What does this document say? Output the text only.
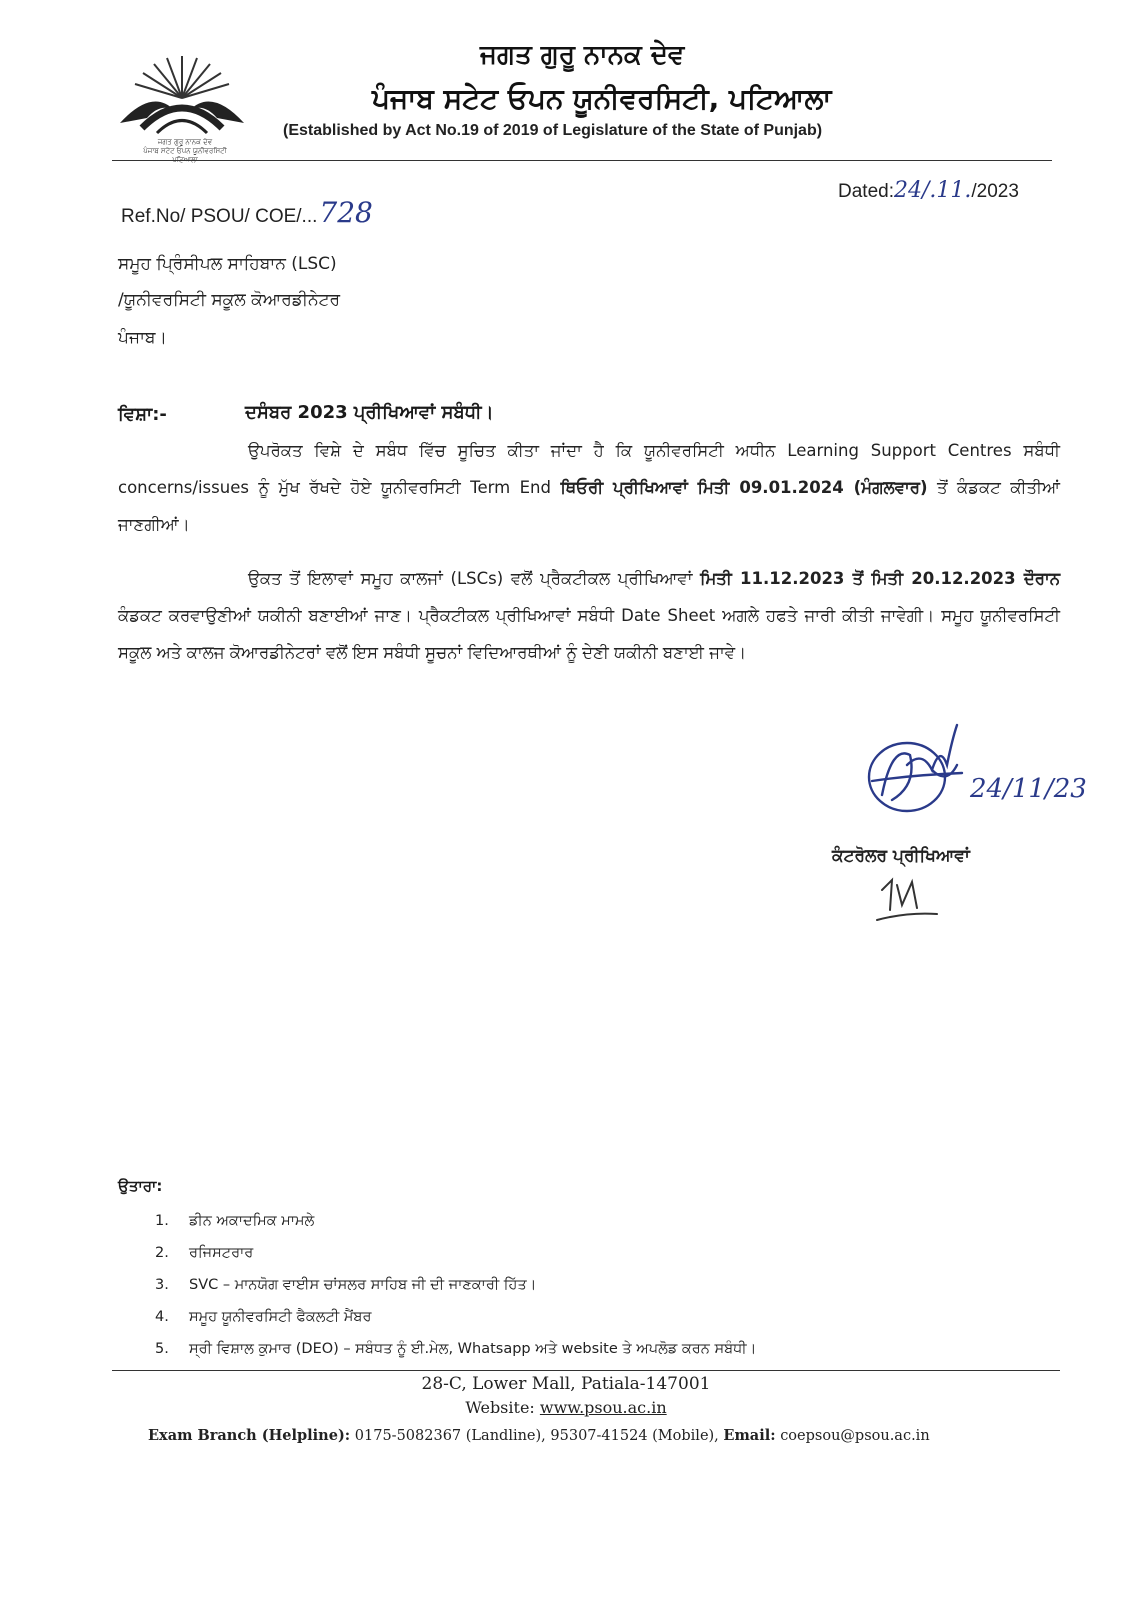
ਜਗਤ ਗੁਰੂ ਨਾਨਕ ਦੇਵ
ਪੰਜਾਬ ਸਟੇਟ ਓਪਨ ਯੂਨੀਵਰਸਿਟੀ
ਪਟਿਆਲਾ
ਜਗਤ ਗੁਰੂ ਨਾਨਕ ਦੇਵ
ਪੰਜਾਬ ਸਟੇਟ ਓਪਨ ਯੂਨੀਵਰਸਿਟੀ, ਪਟਿਆਲਾ
(Established by Act No.19 of 2019 of Legislature of the State of Punjab)
Ref.No/ PSOU/ COE/...728
Dated:24/.11./2023
ਸਮੂਹ ਪ੍ਰਿੰਸੀਪਲ ਸਾਹਿਬਾਨ (LSC)
/ਯੂਨੀਵਰਸਿਟੀ ਸਕੂਲ ਕੋਆਰਡੀਨੇਟਰ
ਪੰਜਾਬ।
ਵਿਸ਼ਾ:-	ਦਸੰਬਰ 2023 ਪ੍ਰੀਖਿਆਵਾਂ ਸਬੰਧੀ।
ਉਪਰੋਕਤ ਵਿਸ਼ੇ ਦੇ ਸਬੰਧ ਵਿੱਚ ਸੂਚਿਤ ਕੀਤਾ ਜਾਂਦਾ ਹੈ ਕਿ ਯੂਨੀਵਰਸਿਟੀ ਅਧੀਨ Learning Support Centres ਸਬੰਧੀ concerns/issues ਨੂੰ ਮੁੱਖ ਰੱਖਦੇ ਹੋਏ ਯੂਨੀਵਰਸਿਟੀ Term End ਥਿਓਰੀ ਪ੍ਰੀਖਿਆਵਾਂ ਮਿਤੀ 09.01.2024 (ਮੰਗਲਵਾਰ) ਤੋਂ ਕੰਡਕਟ ਕੀਤੀਆਂ ਜਾਣਗੀਆਂ।
ਉਕਤ ਤੋਂ ਇਲਾਵਾਂ ਸਮੂਹ ਕਾਲਜਾਂ (LSCs) ਵਲੋਂ ਪ੍ਰੈਕਟੀਕਲ ਪ੍ਰੀਖਿਆਵਾਂ ਮਿਤੀ 11.12.2023 ਤੋਂ ਮਿਤੀ 20.12.2023 ਦੌਰਾਨ ਕੰਡਕਟ ਕਰਵਾਉਣੀਆਂ ਯਕੀਨੀ ਬਣਾਈਆਂ ਜਾਣ। ਪ੍ਰੈਕਟੀਕਲ ਪ੍ਰੀਖਿਆਵਾਂ ਸਬੰਧੀ Date Sheet ਅਗਲੇ ਹਫਤੇ ਜਾਰੀ ਕੀਤੀ ਜਾਵੇਗੀ। ਸਮੂਹ ਯੂਨੀਵਰਸਿਟੀ ਸਕੂਲ ਅਤੇ ਕਾਲਜ ਕੋਆਰਡੀਨੇਟਰਾਂ ਵਲੋਂ ਇਸ ਸਬੰਧੀ ਸੂਚਨਾਂ ਵਿਦਿਆਰਥੀਆਂ ਨੂੰ ਦੇਣੀ ਯਕੀਨੀ ਬਣਾਈ ਜਾਵੇ।
24/11/23
ਕੰਟਰੋਲਰ ਪ੍ਰੀਖਿਆਵਾਂ
ਉਤਾਰਾ:
1. ਡੀਨ ਅਕਾਦਮਿਕ ਮਾਮਲੇ
2. ਰਜਿਸਟਰਾਰ
3. SVC – ਮਾਨਯੋਗ ਵਾਈਸ ਚਾਂਸਲਰ ਸਾਹਿਬ ਜੀ ਦੀ ਜਾਣਕਾਰੀ ਹਿੱਤ।
4. ਸਮੂਹ ਯੂਨੀਵਰਸਿਟੀ ਫੈਕਲਟੀ ਮੈਂਬਰ
5. ਸ੍ਰੀ ਵਿਸ਼ਾਲ ਕੁਮਾਰ (DEO) – ਸਬੰਧਤ ਨੂੰ ਈ.ਮੇਲ, Whatsapp ਅਤੇ website ਤੇ ਅਪਲੋਡ ਕਰਨ ਸਬੰਧੀ।
28-C, Lower Mall, Patiala-147001
Website: www.psou.ac.in
Exam Branch (Helpline): 0175-5082367 (Landline), 95307-41524 (Mobile), Email: coepsou@psou.ac.in
